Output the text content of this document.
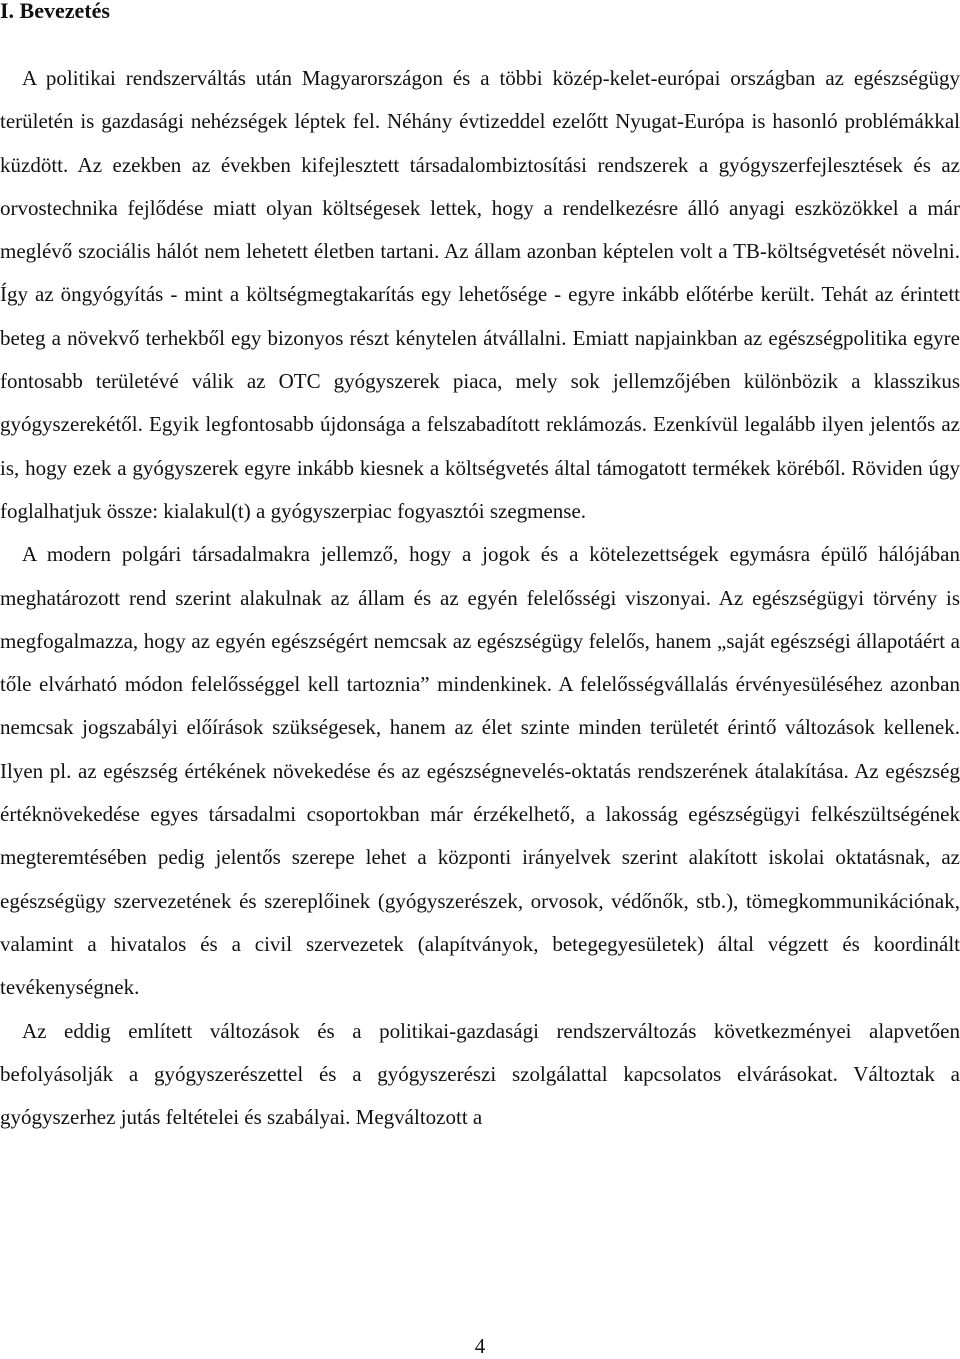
I. Bevezetés

A politikai rendszerváltás után Magyarországon és a többi közép-kelet-európai országban az egészségügy területén is gazdasági nehézségek léptek fel. Néhány évtizeddel ezelőtt Nyugat-Európa is hasonló problémákkal küzdött. Az ezekben az években kifejlesztett társadalombiztosítási rendszerek a gyógyszerfejlesztések és az orvostechnika fejlődése miatt olyan költségesek lettek, hogy a rendelkezésre álló anyagi eszközökkel a már meglévő szociális hálót nem lehetett életben tartani. Az állam azonban képtelen volt a TB-költségvetését növelni. Így az öngyógyítás - mint a költségmegtakarítás egy lehetősége - egyre inkább előtérbe került. Tehát az érintett beteg a növekvő terhekből egy bizonyos részt kénytelen átvállalni. Emiatt napjainkban az egészségpolitika egyre fontosabb területévé válik az OTC gyógyszerek piaca, mely sok jellemzőjében különbözik a klasszikus gyógyszerekétől. Egyik legfontosabb újdonsága a felszabadított reklámozás. Ezenkívül legalább ilyen jelentős az is, hogy ezek a gyógyszerek egyre inkább kiesnek a költségvetés által támogatott termékek köréből. Röviden úgy foglalhatjuk össze: kialakul(t) a gyógyszerpiac fogyasztói szegmense.

A modern polgári társadalmakra jellemző, hogy a jogok és a kötelezettségek egymásra épülő hálójában meghatározott rend szerint alakulnak az állam és az egyén felelősségi viszonyai. Az egészségügyi törvény is megfogalmazza, hogy az egyén egészségért nemcsak az egészségügy felelős, hanem „saját egészségi állapotáért a tőle elvárható módon felelősséggel kell tartoznia” mindenkinek. A felelősségvállalás érvényesüléséhez azonban nemcsak jogszabályi előírások szükségesek, hanem az élet szinte minden területét érintő változások kellenek. Ilyen pl. az egészség értékének növekedése és az egészségnevelés-oktatás rendszerének átalakítása. Az egészség értéknövekedése egyes társadalmi csoportokban már érzékelhető, a lakosság egészségügyi felkészültségének megteremtésében pedig jelentős szerepe lehet a központi irányelvek szerint alakított iskolai oktatásnak, az egészségügy szervezetének és szereplőinek (gyógyszerészek, orvosok, védőnők, stb.), tömegkommunikációnak, valamint a hivatalos és a civil szervezetek (alapítványok, betegegyesületek) által végzett és koordinált tevékenységnek.

Az eddig említett változások és a politikai-gazdasági rendszerváltozás következményei alapvetően befolyásolják a gyógyszerészettel és a gyógyszerészi szolgálattal kapcsolatos elvárásokat. Változtak a gyógyszerhez jutás feltételei és szabályai. Megváltozott a

4
